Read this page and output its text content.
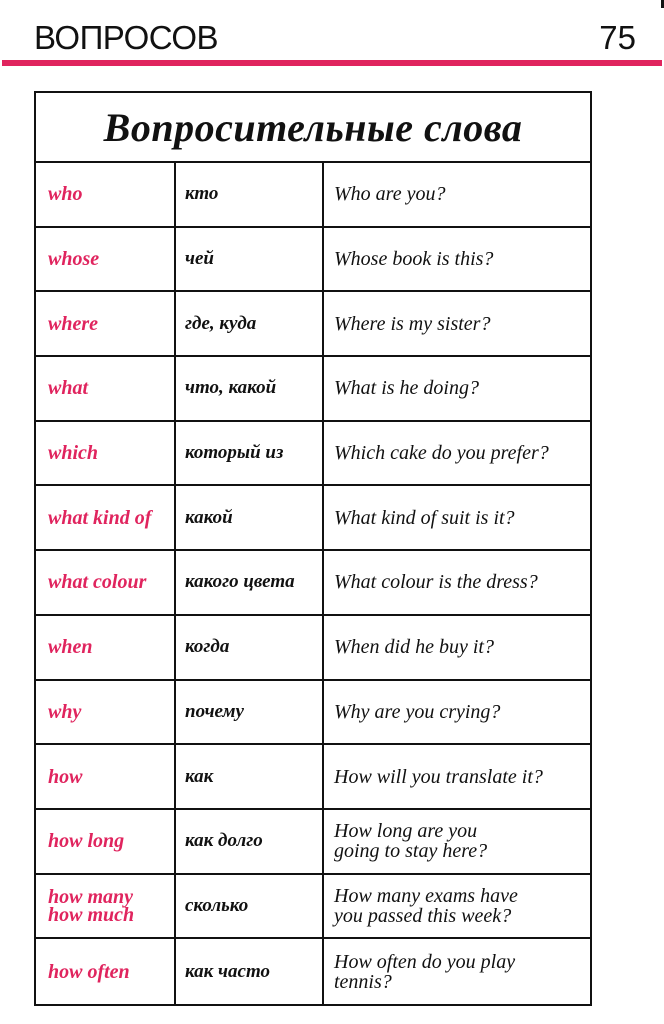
ВОПРОСОВ	75
Вопросительные слова
who	кто	Who are you?
whose	чей	Whose book is this?
where	где, куда	Where is my sister?
what	что, какой	What is he doing?
which	который из	Which cake do you prefer?
what kind of	какой	What kind of suit is it?
what colour	какого цвета	What colour is the dress?
when	когда	When did he buy it?
why	почему	Why are you crying?
how	как	How will you translate it?
how long	как долго	How long are you
going to stay here?
how many
how much	сколько	How many exams have
you passed this week?
how often	как часто	How often do you play
tennis?
